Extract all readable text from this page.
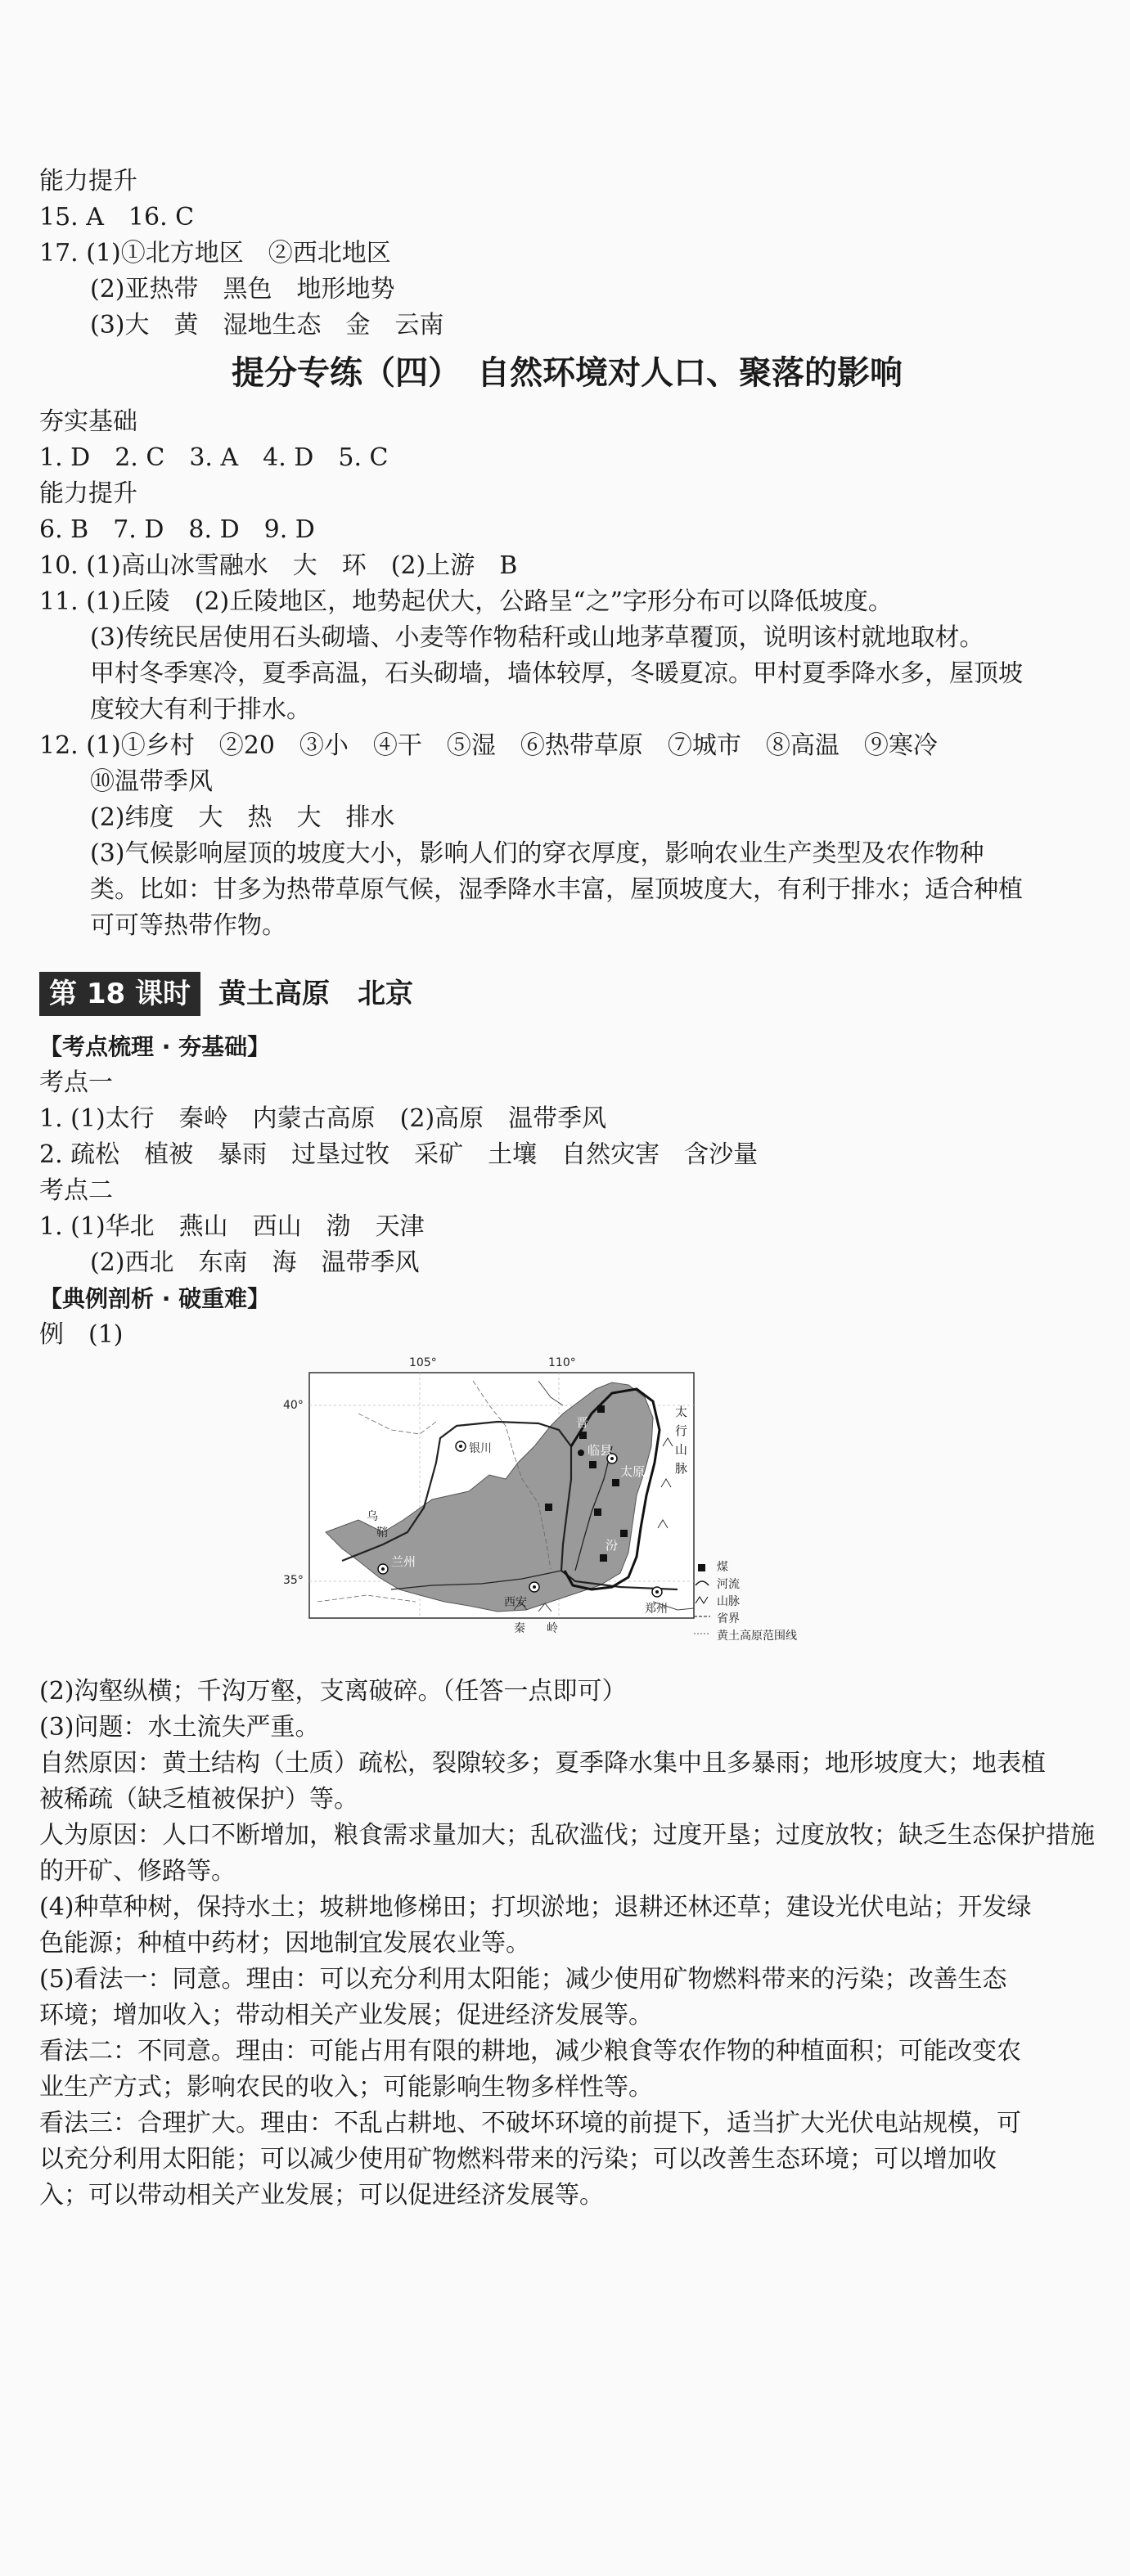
能力提升
15. A　16. C
17. (1)①北方地区　②西北地区
(2)亚热带　黑色　地形地势
(3)大　黄　湿地生态　金　云南
提分专练（四）　自然环境对人口、聚落的影响
夯实基础
1. D　2. C　3. A　4. D　5. C
能力提升
6. B　7. D　8. D　9. D
10. (1)高山冰雪融水　大　环　(2)上游　B
11. (1)丘陵　(2)丘陵地区，地势起伏大，公路呈“之”字形分布可以降低坡度。
(3)传统民居使用石头砌墙、小麦等作物秸秆或山地茅草覆顶，说明该村就地取材。
甲村冬季寒冷，夏季高温，石头砌墙，墙体较厚，冬暖夏凉。甲村夏季降水多，屋顶坡
度较大有利于排水。
12. (1)①乡村　②20　③小　④干　⑤湿　⑥热带草原　⑦城市　⑧高温　⑨寒冷
⑩温带季风
(2)纬度　大　热　大　排水
(3)气候影响屋顶的坡度大小，影响人们的穿衣厚度，影响农业生产类型及农作物种
类。比如：甘多为热带草原气候，湿季降水丰富，屋顶坡度大，有利于排水；适合种植
可可等热带作物。
第 18 课时	黄土高原　北京
【考点梳理 · 夯基础】
考点一
1. (1)太行　秦岭　内蒙古高原　(2)高原　温带季风
2. 疏松　植被　暴雨　过垦过牧　采矿　土壤　自然灾害　含沙量
考点二
1. (1)华北　燕山　西山　渤　天津
(2)西北　东南　海　温带季风
【典例剖析 · 破重难】
例　(1)
105°	110°
40°
35°
银川
兰州
西安	郑州
太原
临县
晋
汾
乌
鞘
秦 岭
太行山脉
煤
河流
山脉
省界
黄土高原范围线
(2)沟壑纵横；千沟万壑，支离破碎。（任答一点即可）
(3)问题：水土流失严重。
自然原因：黄土结构（土质）疏松，裂隙较多；夏季降水集中且多暴雨；地形坡度大；地表植
被稀疏（缺乏植被保护）等。
人为原因：人口不断增加，粮食需求量加大；乱砍滥伐；过度开垦；过度放牧；缺乏生态保护措施
的开矿、修路等。
(4)种草种树，保持水土；坡耕地修梯田；打坝淤地；退耕还林还草；建设光伏电站；开发绿
色能源；种植中药材；因地制宜发展农业等。
(5)看法一：同意。理由：可以充分利用太阳能；减少使用矿物燃料带来的污染；改善生态
环境；增加收入；带动相关产业发展；促进经济发展等。
看法二：不同意。理由：可能占用有限的耕地，减少粮食等农作物的种植面积；可能改变农
业生产方式；影响农民的收入；可能影响生物多样性等。
看法三：合理扩大。理由：不乱占耕地、不破坏环境的前提下，适当扩大光伏电站规模，可
以充分利用太阳能；可以减少使用矿物燃料带来的污染；可以改善生态环境；可以增加收
入；可以带动相关产业发展；可以促进经济发展等。
